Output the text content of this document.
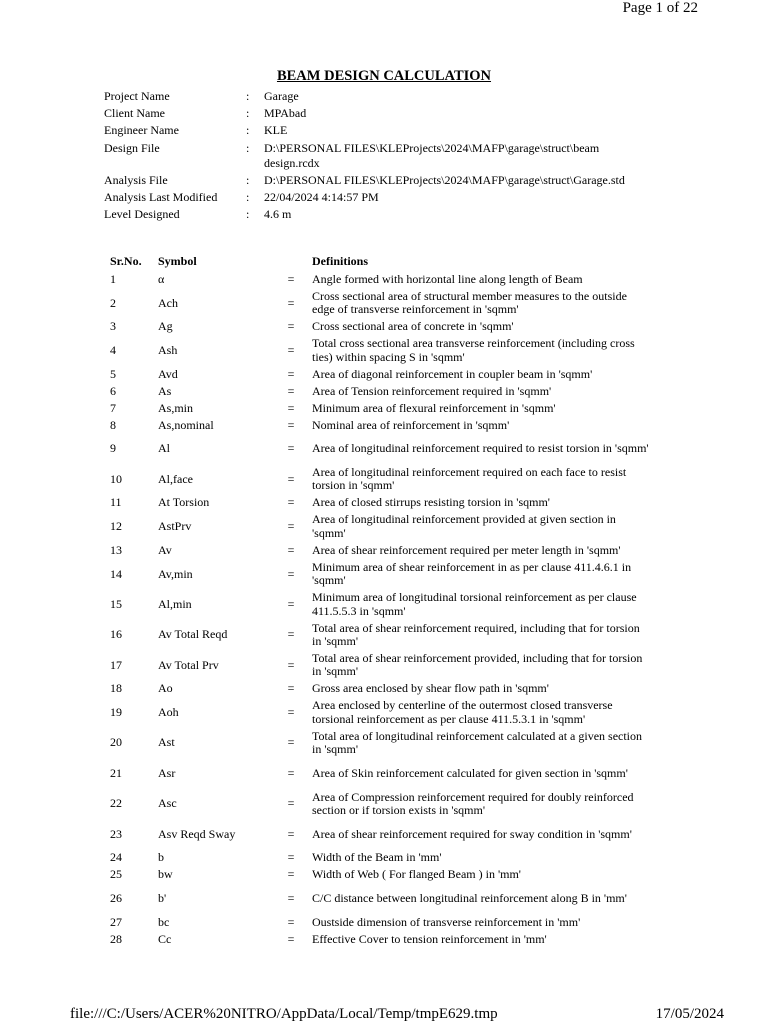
Page 1 of 22
BEAM DESIGN CALCULATION
Project Name	:	Garage
Client Name	:	MPAbad
Engineer Name	:	KLE
Design File	:	D:\PERSONAL FILES\KLEProjects\2024\MAFP\garage\struct\beam design.rcdx
Analysis File	:	D:\PERSONAL FILES\KLEProjects\2024\MAFP\garage\struct\Garage.std
Analysis Last Modified	:	22/04/2024 4:14:57 PM
Level Designed	:	4.6 m
Sr.No.	Symbol	Definitions
1	α	=	Angle formed with horizontal line along length of Beam
2	Ach	=	Cross sectional area of structural member measures to the outside edge of transverse reinforcement in 'sqmm'
3	Ag	=	Cross sectional area of concrete in 'sqmm'
4	Ash	=	Total cross sectional area transverse reinforcement (including cross ties) within spacing S in 'sqmm'
5	Avd	=	Area of diagonal reinforcement in coupler beam in 'sqmm'
6	As	=	Area of Tension reinforcement required in 'sqmm'
7	As,min	=	Minimum area of flexural reinforcement in 'sqmm'
8	As,nominal	=	Nominal area of reinforcement in 'sqmm'
9	Al	=	Area of longitudinal reinforcement required to resist torsion in 'sqmm'
10	Al,face	=	Area of longitudinal reinforcement required on each face to resist torsion in 'sqmm'
11	At Torsion	=	Area of closed stirrups resisting torsion in 'sqmm'
12	AstPrv	=	Area of longitudinal reinforcement provided at given section in 'sqmm'
13	Av	=	Area of shear reinforcement required per meter length in 'sqmm'
14	Av,min	=	Minimum area of shear reinforcement in as per clause 411.4.6.1 in 'sqmm'
15	Al,min	=	Minimum area of longitudinal torsional reinforcement as per clause 411.5.5.3 in 'sqmm'
16	Av Total Reqd	=	Total area of shear reinforcement required, including that for torsion in 'sqmm'
17	Av Total Prv	=	Total area of shear reinforcement provided, including that for torsion in 'sqmm'
18	Ao	=	Gross area enclosed by shear flow path in 'sqmm'
19	Aoh	=	Area enclosed by centerline of the outermost closed transverse torsional reinforcement as per clause 411.5.3.1 in 'sqmm'
20	Ast	=	Total area of longitudinal reinforcement calculated at a given section in 'sqmm'
21	Asr	=	Area of Skin reinforcement calculated for given section in 'sqmm'
22	Asc	=	Area of Compression reinforcement required for doubly reinforced section or if torsion exists in 'sqmm'
23	Asv Reqd Sway	=	Area of shear reinforcement required for sway condition in 'sqmm'
24	b	=	Width of the Beam in 'mm'
25	bw	=	Width of Web ( For flanged Beam ) in 'mm'
26	b'	=	C/C distance between longitudinal reinforcement along B in 'mm'
27	bc	=	Oustside dimension of transverse reinforcement in 'mm'
28	Cc	=	Effective Cover to tension reinforcement in 'mm'
file:///C:/Users/ACER%20NITRO/AppData/Local/Temp/tmpE629.tmp	17/05/2024
